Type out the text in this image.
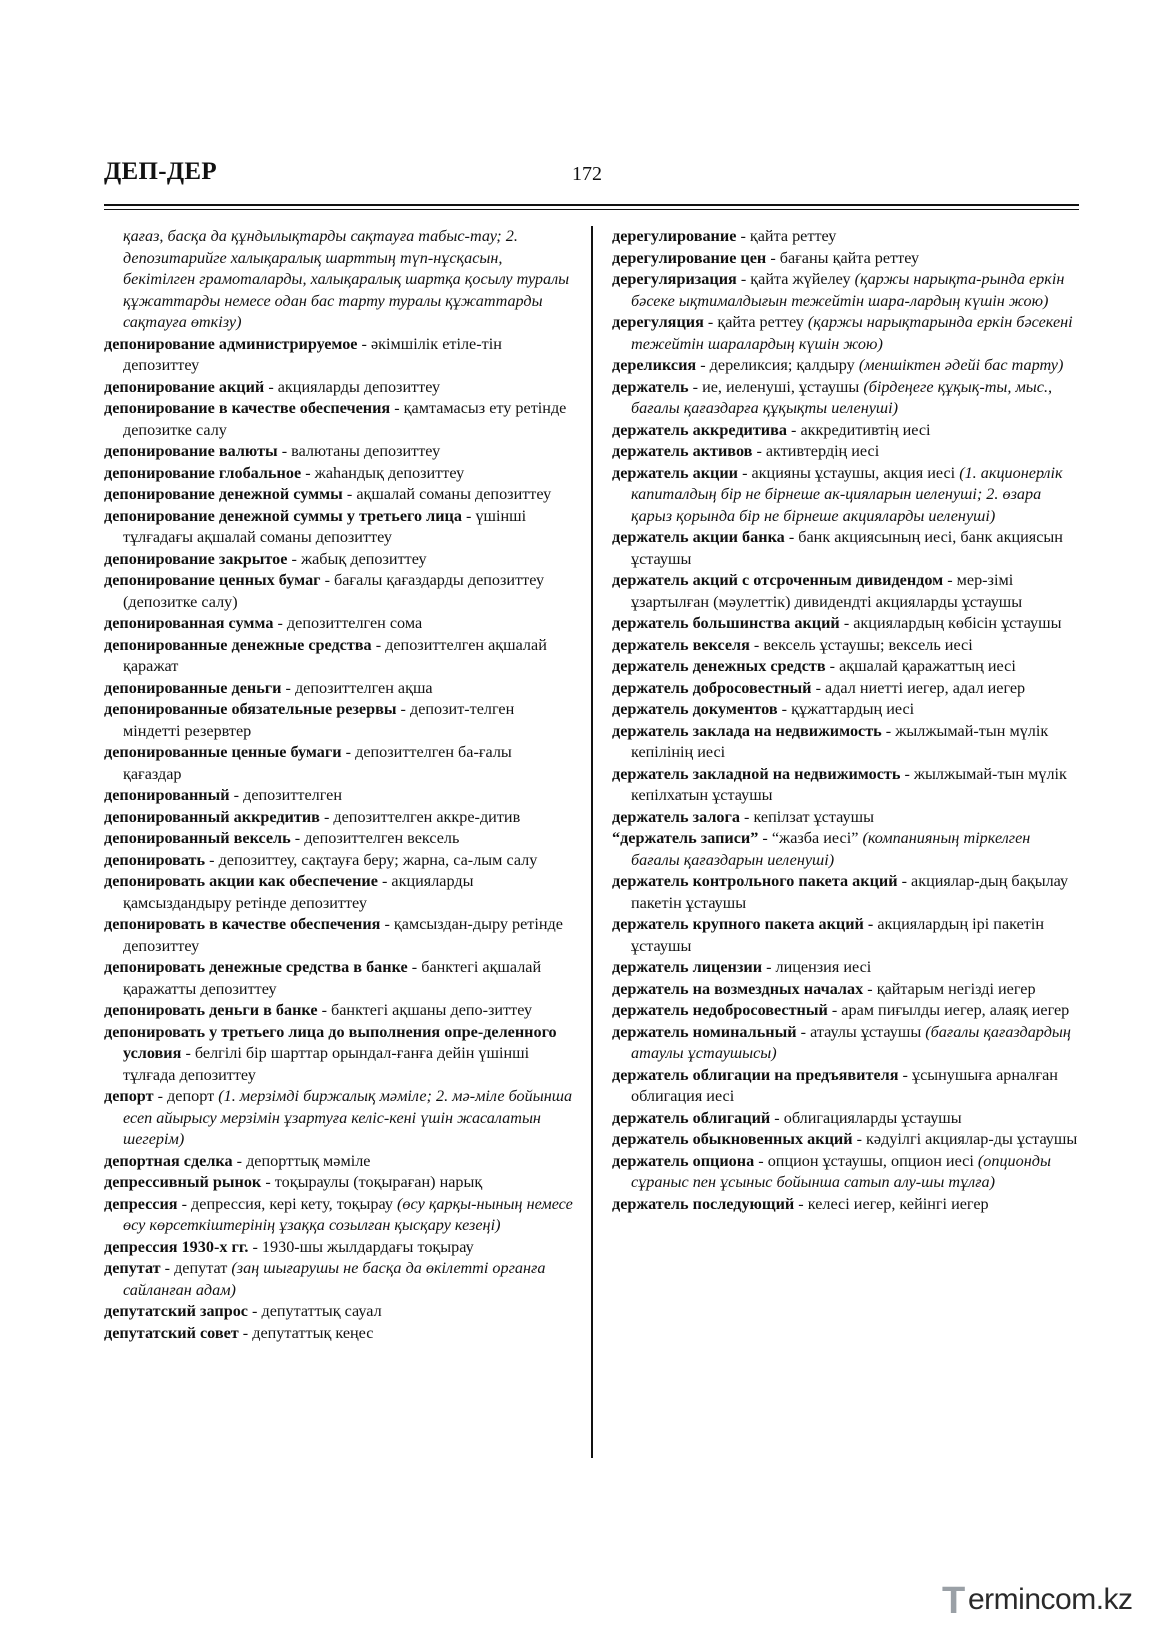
ДЕП-ДЕР	172
қағаз, басқа да құндылықтарды сақтауға табыс-тау; 2. депозитарийге халықаралық шарттың түп-нұсқасын, бекітілген грамоталарды, халықаралық шартқа қосылу туралы құжаттарды немесе одан бас тарту туралы құжаттарды сақтауға өткізу)
депонирование администрируемое - әкімшілік етіле-тін депозиттеу
депонирование акций - акцияларды депозиттеу
депонирование в качестве обеспечения - қамтамасыз ету ретінде депозитке салу
депонирование валюты - валютаны депозиттеу
депонирование глобальное - жаһандық депозиттеу
депонирование денежной суммы - ақшалай соманы депозиттеу
депонирование денежной суммы у третьего лица - үшінші тұлғадағы ақшалай соманы депозиттеу
депонирование закрытое - жабық депозиттеу
депонирование ценных бумаг - бағалы қағаздарды депозиттеу (депозитке салу)
депонированная сумма - депозиттелген сома
депонированные денежные средства - депозиттелген ақшалай қаражат
депонированные деньги - депозиттелген ақша
депонированные обязательные резервы - депозит-телген міндетті резервтер
депонированные ценные бумаги - депозиттелген ба-ғалы қағаздар
депонированный - депозиттелген
депонированный аккредитив - депозиттелген аккре-дитив
депонированный вексель - депозиттелген вексель
депонировать - депозиттеу, сақтауға беру; жарна, са-лым салу
депонировать акции как обеспечение - акцияларды қамсыздандыру ретінде депозиттеу
депонировать в качестве обеспечения - қамсыздан-дыру ретінде депозиттеу
депонировать денежные средства в банке - банктегі ақшалай қаражатты депозиттеу
депонировать деньги в банке - банктегі ақшаны депо-зиттеу
депонировать у третьего лица до выполнения опре-деленного условия - белгілі бір шарттар орындал-ғанға дейін үшінші тұлғада депозиттеу
депорт - депорт (1. мерзімді биржалық мәміле; 2. мә-міле бойынша есеп айырысу мерзімін ұзартуға келіс-кені үшін жасалатын шегерім)
депортная сделка - депорттық мәміле
депрессивный рынок - тоқыраулы (тоқыраған) нарық
депрессия - депрессия, кері кету, тоқырау (өсу қарқы-нының немесе өсу көрсеткіштерінің ұзаққа созылған қысқару кезеңі)
депрессия 1930-х гг. - 1930-шы жылдардағы тоқырау
депутат - депутат (заң шығарушы не басқа да өкілетті органға сайланған адам)
депутатский запрос - депутаттық сауал
депутатский совет - депутаттық кеңес
дерегулирование - қайта реттеу
дерегулирование цен - бағаны қайта реттеу
дерегуляризация - қайта жүйелеу (қаржы нарықта-рында еркін бәсеке ықтималдығын тежейтін шара-лардың күшін жою)
дерегуляция - қайта реттеу (қаржы нарықтарында еркін бәсекені тежейтін шаралардың күшін жою)
дереликсия - дереликсия; қалдыру (меншіктен әдейі бас тарту)
держатель - ие, иеленуші, ұстаушы (бірдеңеге құқық-ты, мыс., бағалы қағаздарға құқықты иеленуші)
держатель аккредитива - аккредитивтің иесі
держатель активов - активтердің иесі
держатель акции - акцияны ұстаушы, акция иесі (1. акционерлік капиталдың бір не бірнеше ак-цияларын иеленуші; 2. өзара қарыз қорында бір не бірнеше акцияларды иеленуші)
держатель акции банка - банк акциясының иесі, банк акциясын ұстаушы
держатель акций с отсроченным дивидендом - мер-зімі ұзартылған (мәулеттік) дивидендті акцияларды ұстаушы
держатель большинства акций - акциялардың көбісін ұстаушы
держатель векселя - вексель ұстаушы; вексель иесі
держатель денежных средств - ақшалай қаражаттың иесі
держатель добросовестный - адал ниетті иегер, адал иегер
держатель документов - құжаттардың иесі
держатель заклада на недвижимость - жылжымай-тын мүлік кепілінің иесі
держатель закладной на недвижимость - жылжымай-тын мүлік кепілхатын ұстаушы
держатель залога - кепілзат ұстаушы
“держатель записи” - “жазба иесі” (компанияның тіркелген бағалы қағаздарын иеленуші)
держатель контрольного пакета акций - акциялар-дың бақылау пакетін ұстаушы
держатель крупного пакета акций - акциялардың ірі пакетін ұстаушы
держатель лицензии - лицензия иесі
держатель на возмездных началах - қайтарым негізді иегер
держатель недобросовестный - арам пиғылды иегер, алаяқ иегер
держатель номинальный - атаулы ұстаушы (бағалы қағаздардың атаулы ұстаушысы)
держатель облигации на предъявителя - ұсынушыға арналған облигация иесі
держатель облигаций - облигацияларды ұстаушы
держатель обыкновенных акций - кәдуілгі акциялар-ды ұстаушы
держатель опциона - опцион ұстаушы, опцион иесі (опционды сұраныс пен ұсыныс бойынша сатып алу-шы тұлға)
держатель последующий - келесі иегер, кейінгі иегер
T ermincom.kz
